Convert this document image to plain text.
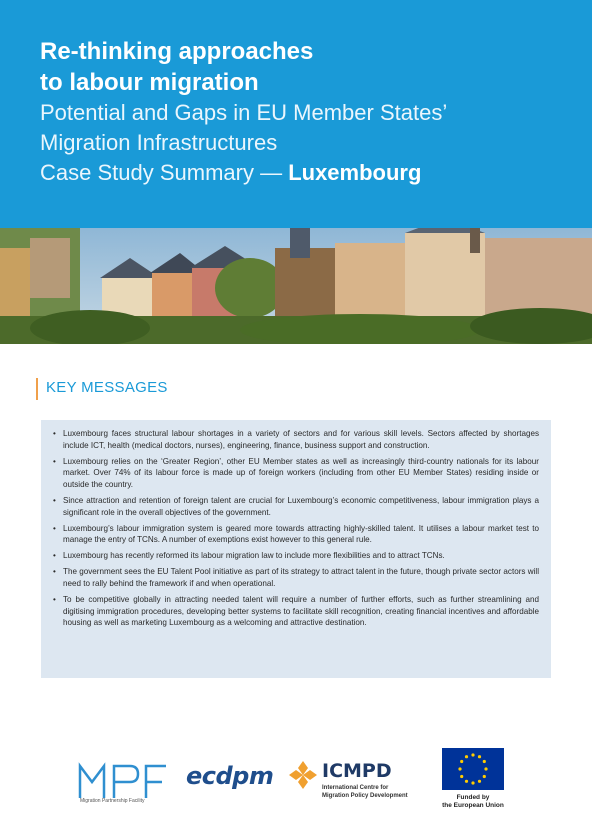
Re-thinking approaches
to labour migration
Potential and Gaps in EU Member States’
Migration Infrastructures
Case Study Summary — Luxembourg
KEY MESSAGES
• Luxembourg faces structural labour shortages in a variety of sectors and for various skill levels. Sectors affected by shortages include ICT, health (medical doctors, nurses), engineering, finance, business support and construction.
• Luxembourg relies on the ‘Greater Region’, other EU Member states as well as increasingly third-country nationals for its labour market. Over 74% of its labour force is made up of foreign workers (including from other EU Member States) residing inside or outside the country.
• Since attraction and retention of foreign talent are crucial for Luxembourg’s economic competitiveness, labour immigration plays a significant role in the overall objectives of the government.
• Luxembourg’s labour immigration system is geared more towards attracting highly-skilled talent. It utilises a labour market test to manage the entry of TCNs. A number of exemptions exist however to this general rule.
• Luxembourg has recently reformed its labour migration law to include more flexibilities and to attract TCNs.
• The government sees the EU Talent Pool initiative as part of its strategy to attract talent in the future, though private sector actors will need to rally behind the framework if and when operational.
• To be competitive globally in attracting needed talent will require a number of further efforts, such as further streamlining and digitising immigration procedures, developing better systems to facilitate skill recognition, creating financial incentives and affordable housing as well as marketing Luxembourg as a welcoming and attractive destination.
Migration Partnership Facility
ecdpm	ICMPD
International Centre for
Migration Policy Development	Funded by
the European Union
